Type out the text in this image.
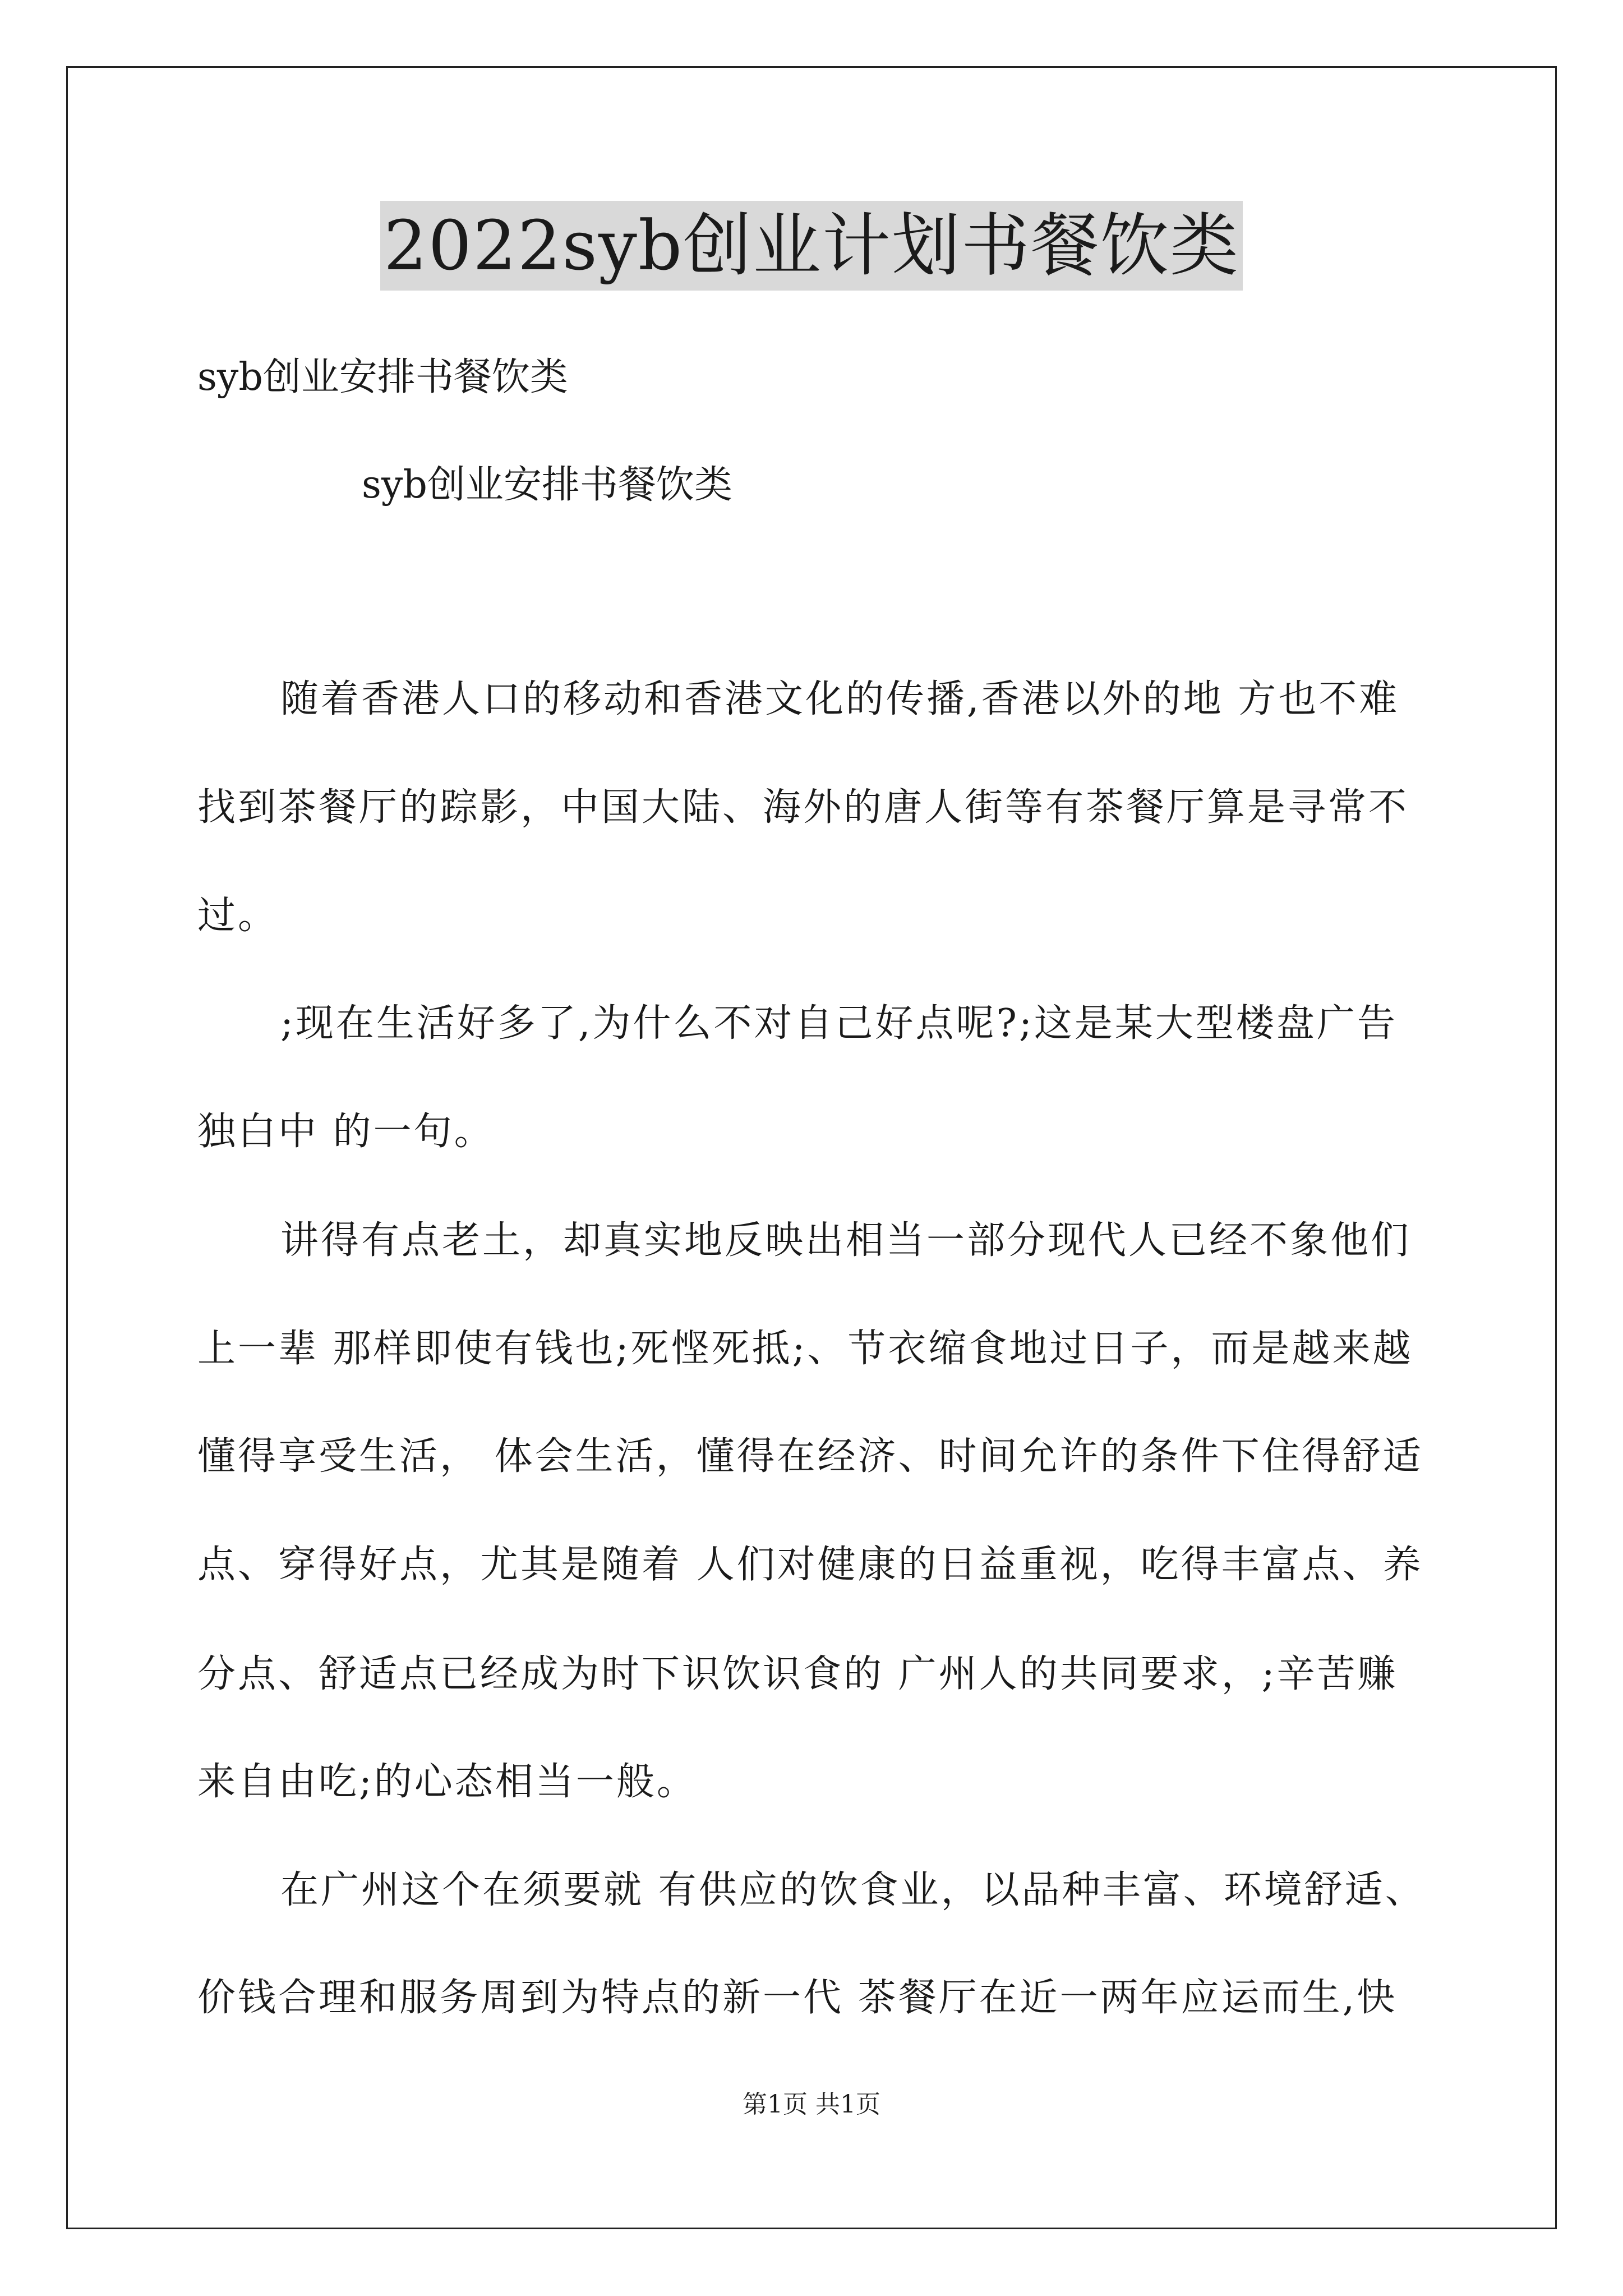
2022syb创业计划书餐饮类
syb创业安排书餐饮类
syb创业安排书餐饮类
随着香港人口的移动和香港文化的传播,香港以外的地 方也不难
找到茶餐厅的踪影，中国大陆、海外的唐人街等有茶餐厅算是寻常不
过。
;现在生活好多了,为什么不对自己好点呢?;这是某大型楼盘广告
独白中 的一句。
讲得有点老土，却真实地反映出相当一部分现代人已经不象他们
上一辈 那样即使有钱也;死悭死抵;、节衣缩食地过日子，而是越来越
懂得享受生活， 体会生活，懂得在经济、时间允许的条件下住得舒适
点、穿得好点，尤其是随着 人们对健康的日益重视，吃得丰富点、养
分点、舒适点已经成为时下识饮识食的 广州人的共同要求，;辛苦赚
来自由吃;的心态相当一般。
在广州这个在须要就 有供应的饮食业，以品种丰富、环境舒适、
价钱合理和服务周到为特点的新一代 茶餐厅在近一两年应运而生,快
第1页 共1页
